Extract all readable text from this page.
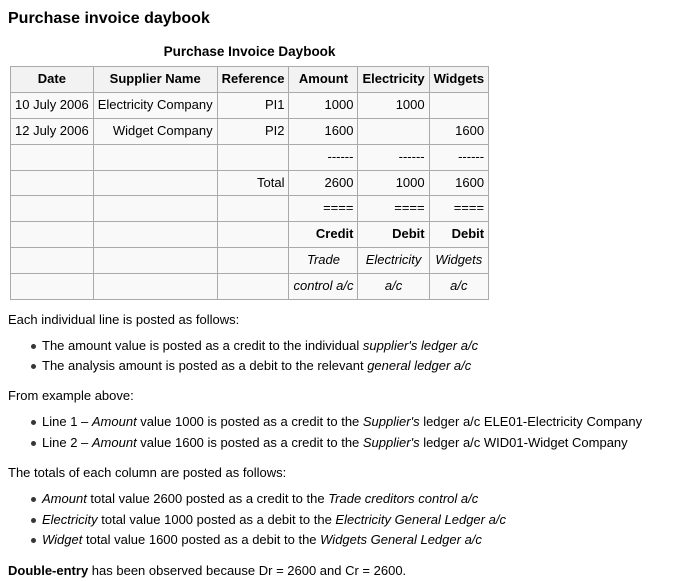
Purchase invoice daybook
Purchase Invoice Daybook
Date	Supplier Name	Reference	Amount	Electricity	Widgets
10 July 2006	Electricity Company	PI1	1000	1000	
12 July 2006	Widget Company	PI2	1600		1600
			------	------	------
		Total	2600	1000	1600
			====	====	====
			Credit	Debit	Debit
			Trade	Electricity	Widgets
			control a/c	a/c	a/c

Each individual line is posted as follows:

The amount value is posted as a credit to the individual supplier's ledger a/c
The analysis amount is posted as a debit to the relevant general ledger a/c

From example above:

Line 1 – Amount value 1000 is posted as a credit to the Supplier's ledger a/c ELE01-Electricity Company
Line 2 – Amount value 1600 is posted as a credit to the Supplier's ledger a/c WID01-Widget Company

The totals of each column are posted as follows:

Amount total value 2600 posted as a credit to the Trade creditors control a/c
Electricity total value 1000 posted as a debit to the Electricity General Ledger a/c
Widget total value 1600 posted as a debit to the Widgets General Ledger a/c

Double-entry has been observed because Dr = 2600 and Cr = 2600.
